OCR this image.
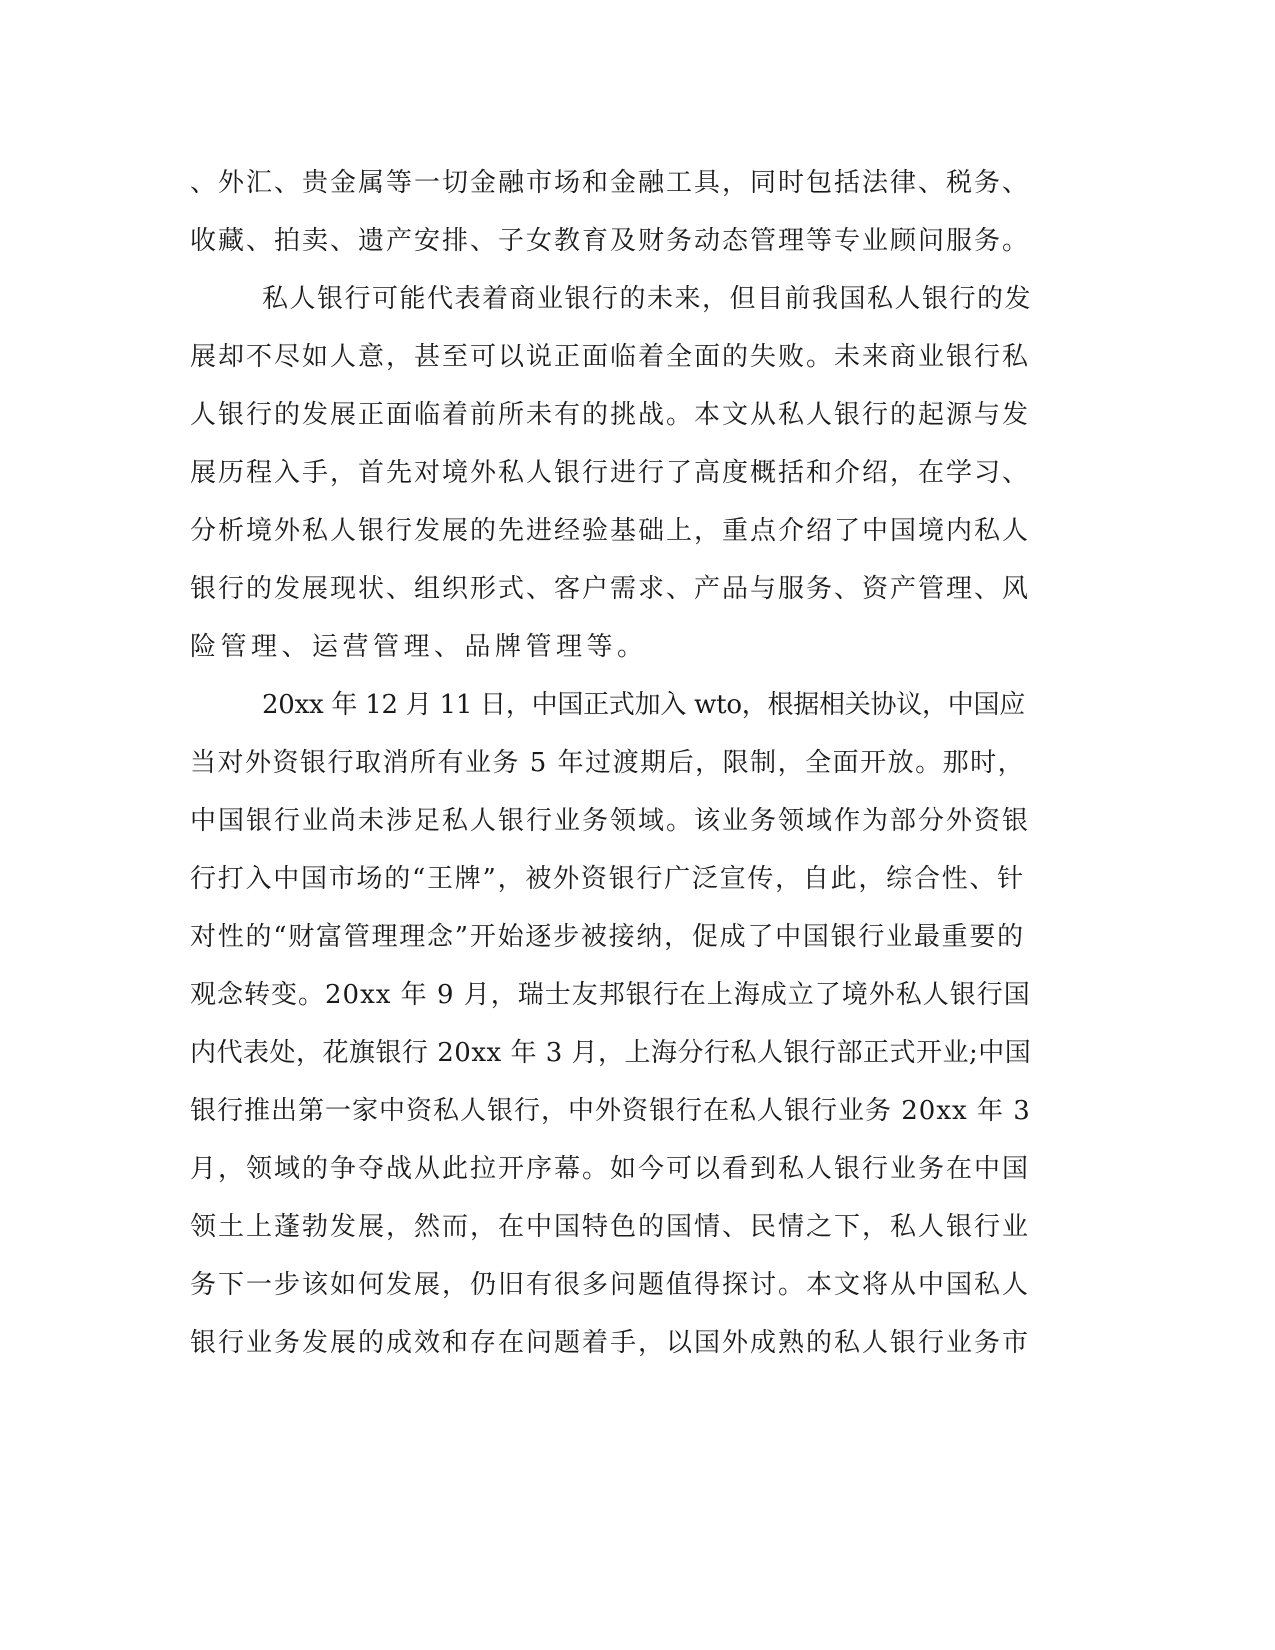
、外汇、贵金属等一切金融市场和金融工具，同时包括法律、税务、
收藏、拍卖、遗产安排、子女教育及财务动态管理等专业顾问服务。
私人银行可能代表着商业银行的未来，但目前我国私人银行的发
展却不尽如人意，甚至可以说正面临着全面的失败。未来商业银行私
人银行的发展正面临着前所未有的挑战。本文从私人银行的起源与发
展历程入手，首先对境外私人银行进行了高度概括和介绍，在学习、
分析境外私人银行发展的先进经验基础上，重点介绍了中国境内私人
银行的发展现状、组织形式、客户需求、产品与服务、资产管理、风
险管理、运营管理、品牌管理等。
20xx 年 12 月 11 日，中国正式加入 wto，根据相关协议，中国应
当对外资银行取消所有业务 5 年过渡期后，限制，全面开放。那时，
中国银行业尚未涉足私人银行业务领域。该业务领域作为部分外资银
行打入中国市场的“王牌”，被外资银行广泛宣传，自此，综合性、针
对性的“财富管理理念”开始逐步被接纳，促成了中国银行业最重要的
观念转变。20xx 年 9 月，瑞士友邦银行在上海成立了境外私人银行国
内代表处，花旗银行 20xx 年 3 月，上海分行私人银行部正式开业;中国
银行推出第一家中资私人银行，中外资银行在私人银行业务 20xx 年 3
月，领域的争夺战从此拉开序幕。如今可以看到私人银行业务在中国
领土上蓬勃发展，然而，在中国特色的国情、民情之下，私人银行业
务下一步该如何发展，仍旧有很多问题值得探讨。本文将从中国私人
银行业务发展的成效和存在问题着手，以国外成熟的私人银行业务市
